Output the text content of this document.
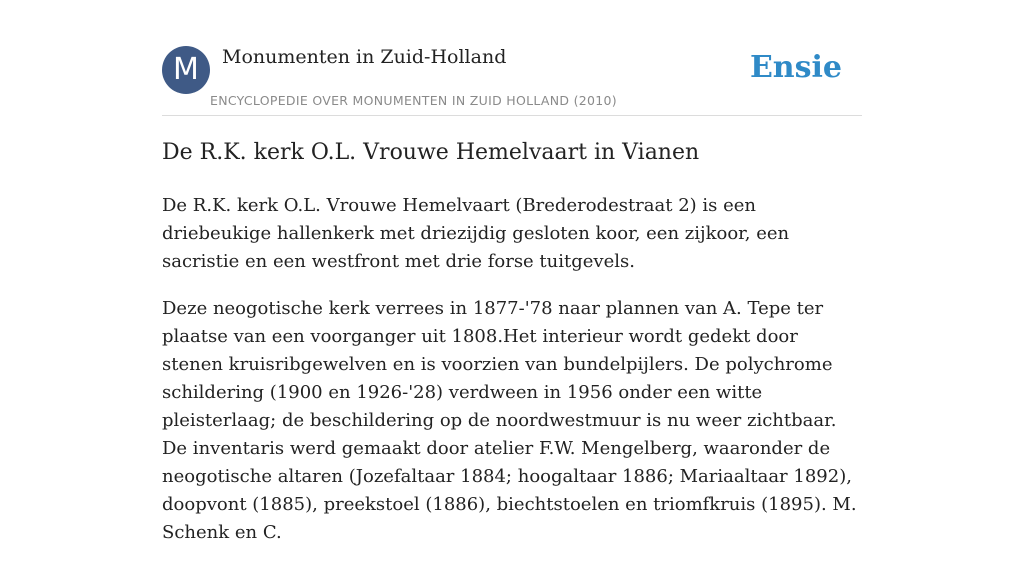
M	Monumenten in Zuid-Holland
ENCYCLOPEDIE OVER MONUMENTEN IN ZUID HOLLAND (2010)
Ensie
De R.K. kerk O.L. Vrouwe Hemelvaart in Vianen

De R.K. kerk O.L. Vrouwe Hemelvaart (Brederodestraat 2) is een driebeukige hallenkerk met driezijdig gesloten koor, een zijkoor, een sacristie en een westfront met drie forse tuitgevels.

Deze neogotische kerk verrees in 1877-'78 naar plannen van A. Tepe ter plaatse van een voorganger uit 1808.Het interieur wordt gedekt door stenen kruisribgewelven en is voorzien van bundelpijlers. De polychrome schildering (1900 en 1926-'28) verdween in 1956 onder een witte pleisterlaag; de beschildering op de noordwestmuur is nu weer zichtbaar. De inventaris werd gemaakt door atelier F.W. Mengelberg, waaronder de neogotische altaren (Jozefaltaar 1884; hoogaltaar 1886; Mariaaltaar 1892), doopvont (1885), preekstoel (1886), biechtstoelen en triomfkruis (1895). M. Schenk en C.
